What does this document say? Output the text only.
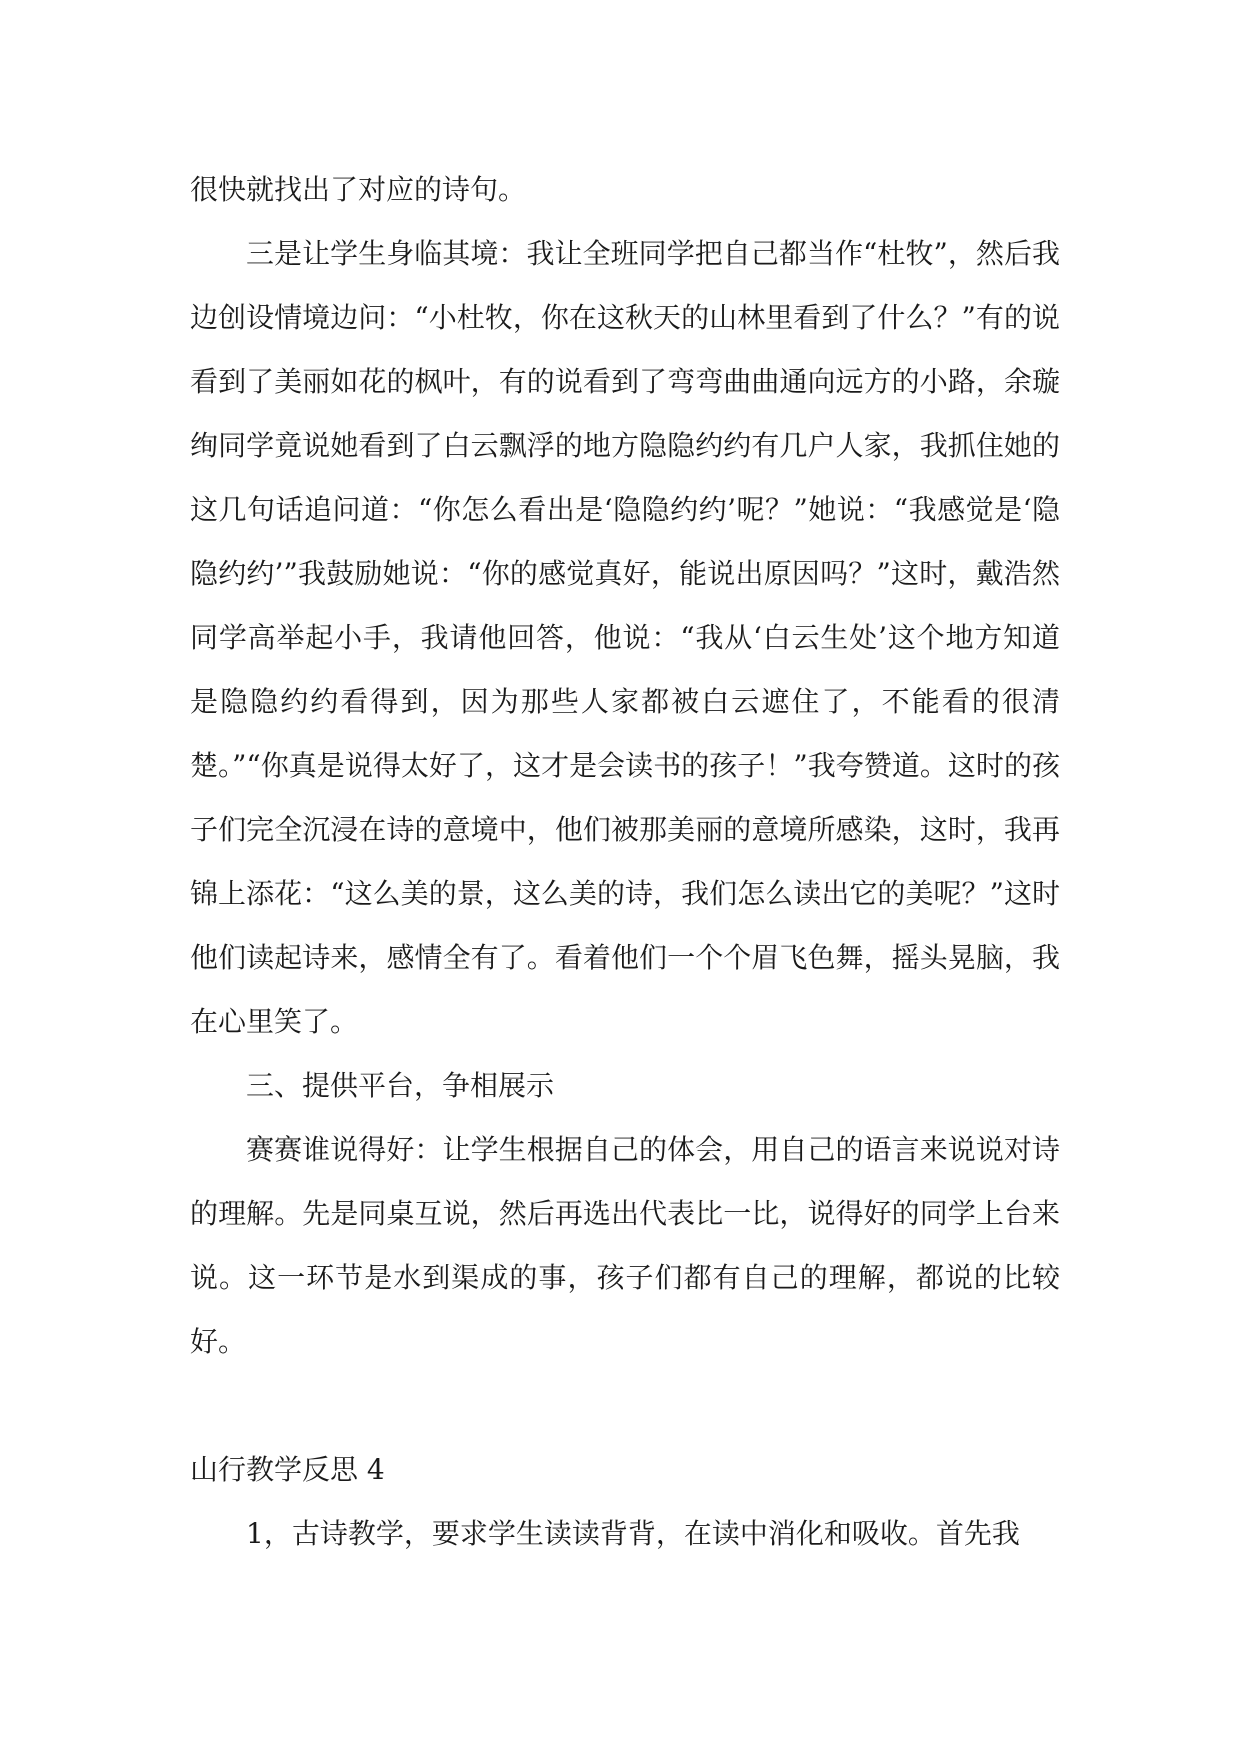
很快就找出了对应的诗句。

三是让学生身临其境：我让全班同学把自己都当作“杜牧”，然后我边创设情境边问：“小杜牧，你在这秋天的山林里看到了什么？”有的说看到了美丽如花的枫叶，有的说看到了弯弯曲曲通向远方的小路，余璇绚同学竟说她看到了白云飘浮的地方隐隐约约有几户人家，我抓住她的这几句话追问道：“你怎么看出是‘隐隐约约’呢？”她说：“我感觉是‘隐隐约约’”我鼓励她说：“你的感觉真好，能说出原因吗？”这时，戴浩然同学高举起小手，我请他回答，他说：“我从‘白云生处’这个地方知道是隐隐约约看得到，因为那些人家都被白云遮住了，不能看的很清楚。”“你真是说得太好了，这才是会读书的孩子！”我夸赞道。这时的孩子们完全沉浸在诗的意境中，他们被那美丽的意境所感染，这时，我再锦上添花：“这么美的景，这么美的诗，我们怎么读出它的美呢？”这时他们读起诗来，感情全有了。看着他们一个个眉飞色舞，摇头晃脑，我在心里笑了。

三、提供平台，争相展示

赛赛谁说得好：让学生根据自己的体会，用自己的语言来说说对诗的理解。先是同桌互说，然后再选出代表比一比，说得好的同学上台来说。这一环节是水到渠成的事，孩子们都有自己的理解，都说的比较好。

山行教学反思 4

1，古诗教学，要求学生读读背背，在读中消化和吸收。首先我
